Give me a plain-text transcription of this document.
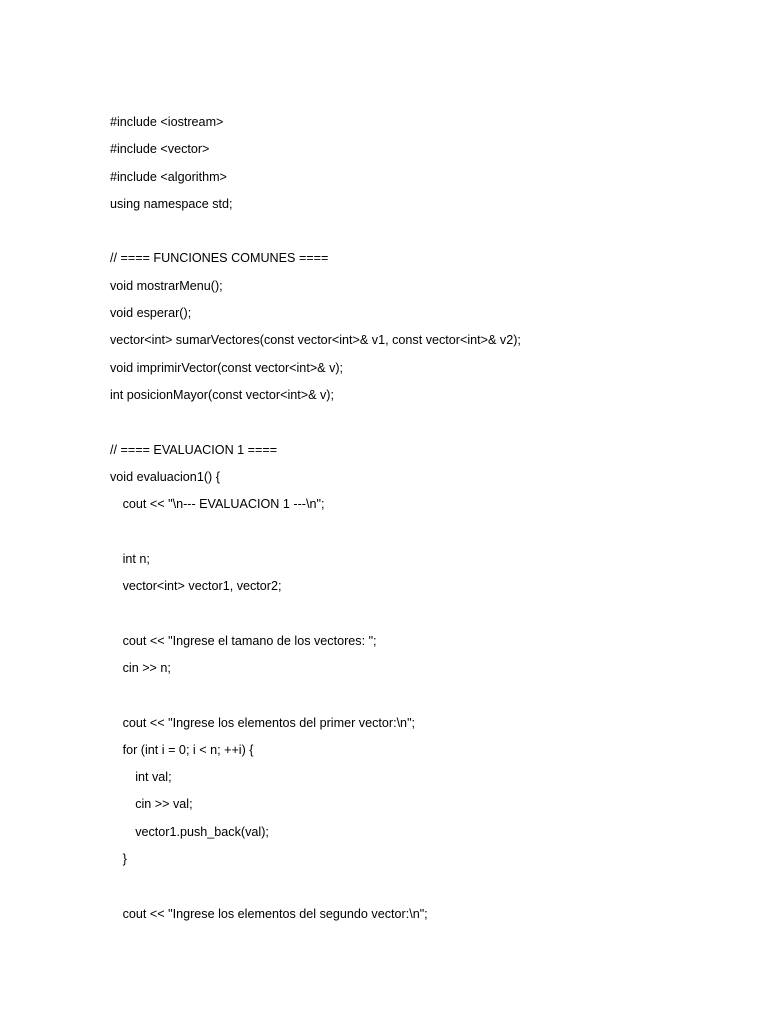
#include <iostream>
#include <vector>
#include <algorithm>
using namespace std;
// ==== FUNCIONES COMUNES ====
void mostrarMenu();
void esperar();
vector<int> sumarVectores(const vector<int>& v1, const vector<int>& v2);
void imprimirVector(const vector<int>& v);
int posicionMayor(const vector<int>& v);
// ==== EVALUACION 1 ====
void evaluacion1() {
cout << "\n--- EVALUACION 1 ---\n";
int n;
vector<int> vector1, vector2;
cout << "Ingrese el tamano de los vectores: ";
cin >> n;
cout << "Ingrese los elementos del primer vector:\n";
for (int i = 0; i < n; ++i) {
int val;
cin >> val;
vector1.push_back(val);
}
cout << "Ingrese los elementos del segundo vector:\n";
